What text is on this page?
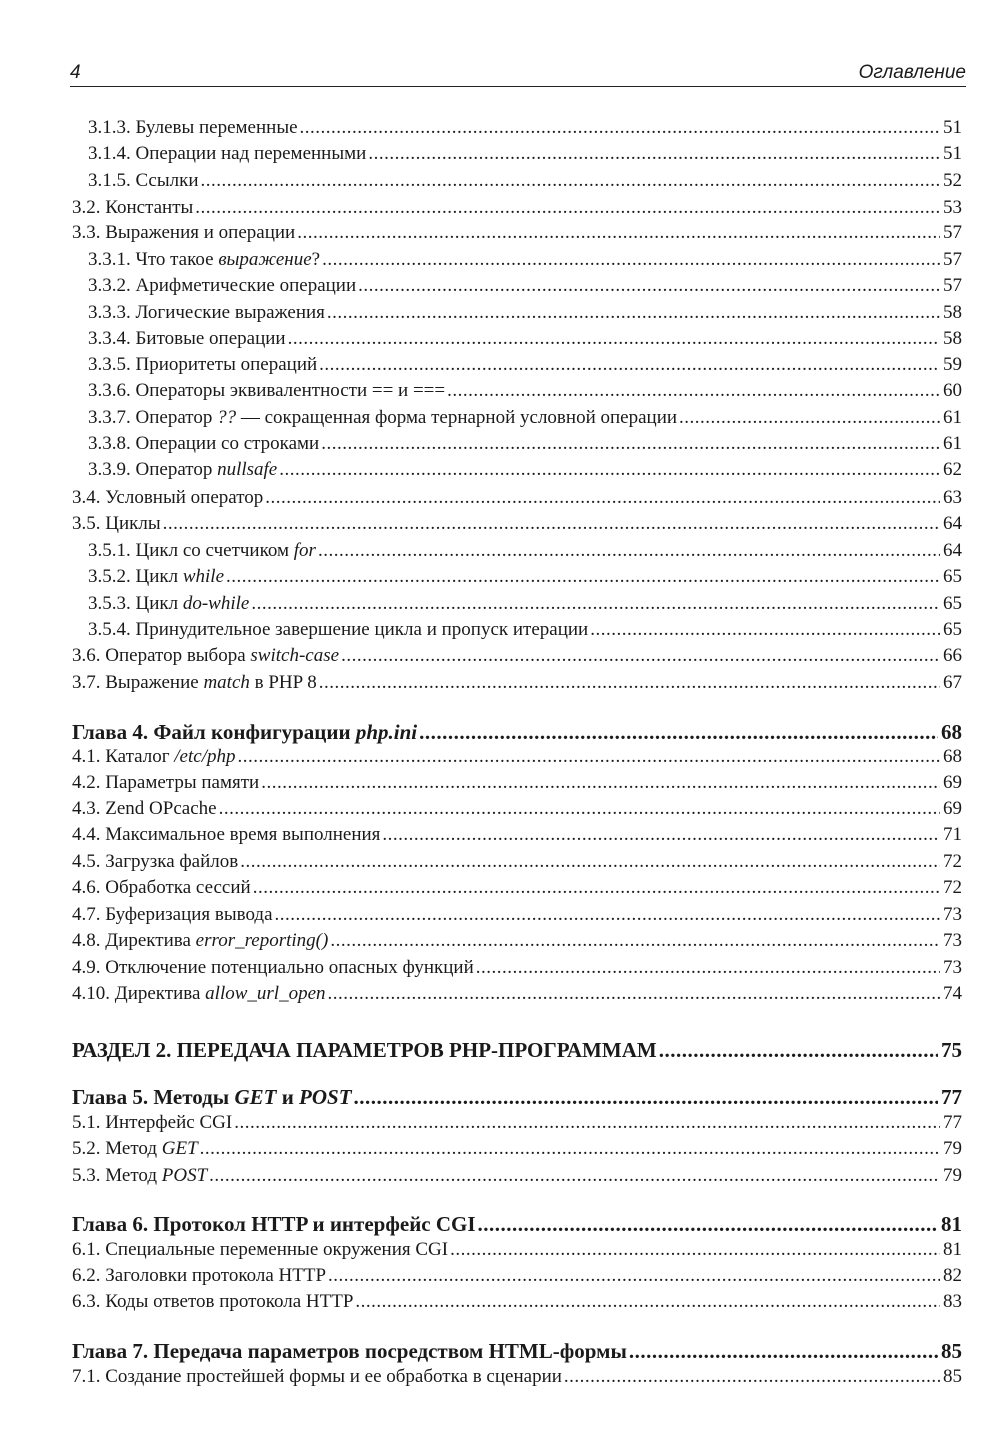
4	Оглавление
3.1.3. Булевы переменные .....	51
3.1.4. Операции над переменными .....	51
3.1.5. Ссылки .....	52
3.2. Константы .....	53
3.3. Выражения и операции .....	57
3.3.1. Что такое выражение? .....	57
3.3.2. Арифметические операции .....	57
3.3.3. Логические выражения .....	58
3.3.4. Битовые операции .....	58
3.3.5. Приоритеты операций .....	59
3.3.6. Операторы эквивалентности == и === .....	60
3.3.7. Оператор ?? — сокращенная форма тернарной условной операции .....	61
3.3.8. Операции со строками .....	61
3.3.9. Оператор nullsafe .....	62
3.4. Условный оператор .....	63
3.5. Циклы .....	64
3.5.1. Цикл со счетчиком for .....	64
3.5.2. Цикл while .....	65
3.5.3. Цикл do-while .....	65
3.5.4. Принудительное завершение цикла и пропуск итерации .....	65
3.6. Оператор выбора switch-case .....	66
3.7. Выражение match в PHP 8 .....	67
Глава 4. Файл конфигурации php.ini .....	68
4.1. Каталог /etc/php .....	68
4.2. Параметры памяти .....	69
4.3. Zend OPcache .....	69
4.4. Максимальное время выполнения .....	71
4.5. Загрузка файлов .....	72
4.6. Обработка сессий .....	72
4.7. Буферизация вывода .....	73
4.8. Директива error_reporting() .....	73
4.9. Отключение потенциально опасных функций .....	73
4.10. Директива allow_url_open .....	74
РАЗДЕЛ 2. ПЕРЕДАЧА ПАРАМЕТРОВ PHP-ПРОГРАММАМ .....	75
Глава 5. Методы GET и POST .....	77
5.1. Интерфейс CGI .....	77
5.2. Метод GET .....	79
5.3. Метод POST .....	79
Глава 6. Протокол HTTP и интерфейс CGI .....	81
6.1. Специальные переменные окружения CGI .....	81
6.2. Заголовки протокола HTTP .....	82
6.3. Коды ответов протокола HTTP .....	83
Глава 7. Передача параметров посредством HTML-формы .....	85
7.1. Создание простейшей формы и ее обработка в сценарии .....	85
